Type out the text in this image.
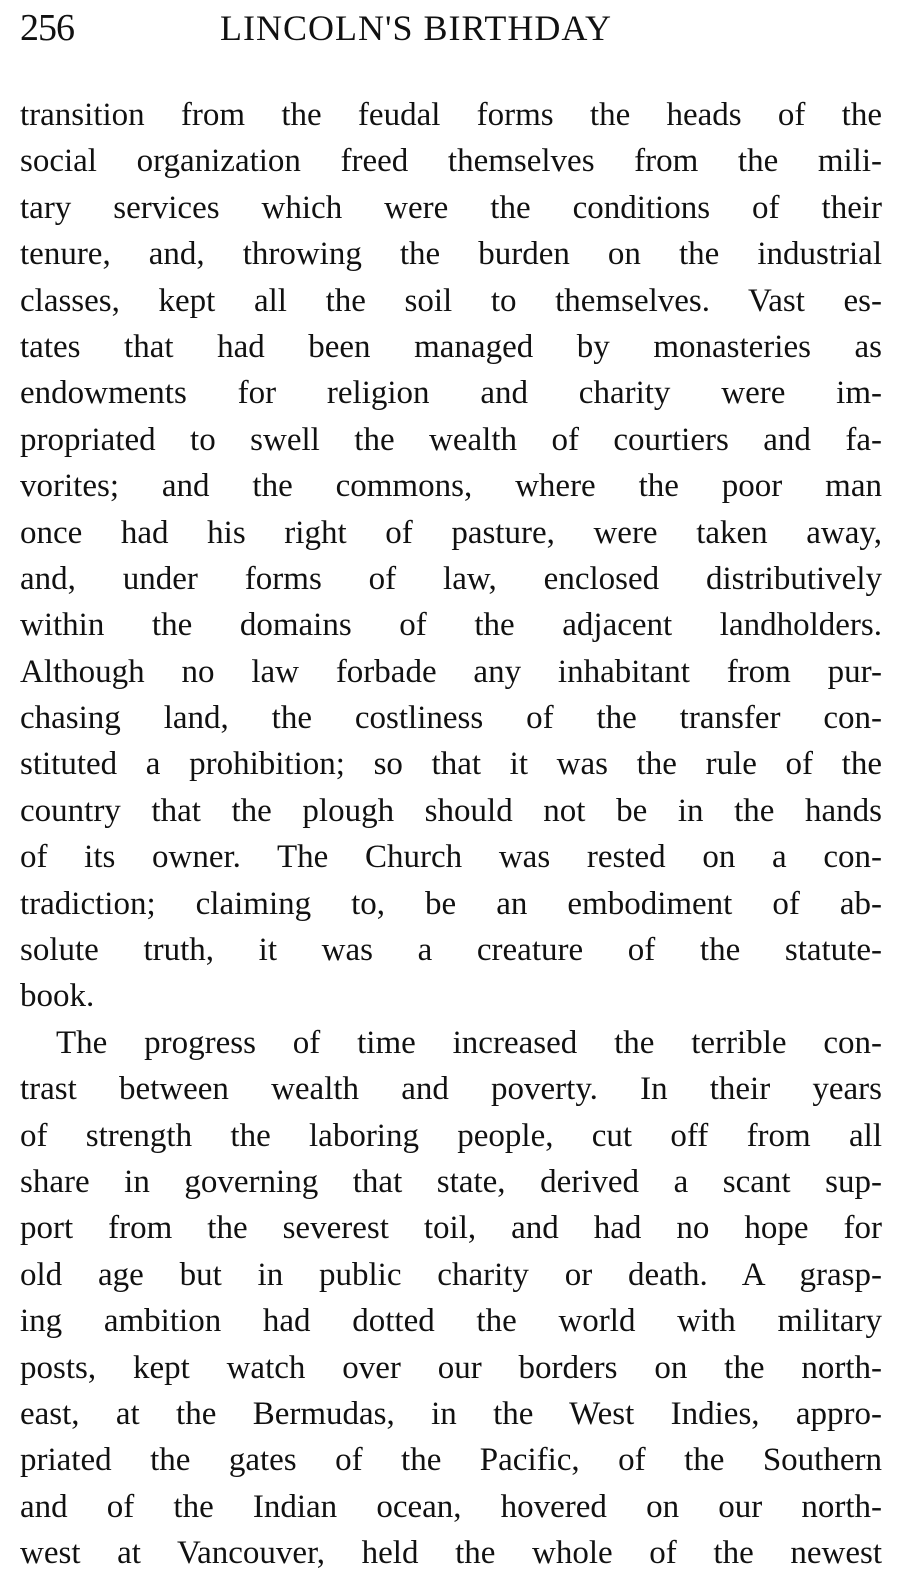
256	LINCOLN'S BIRTHDAY
transition from the feudal forms the heads of the
social organization freed themselves from the mili-
tary services which were the conditions of their
tenure, and, throwing the burden on the industrial
classes, kept all the soil to themselves. Vast es-
tates that had been managed by monasteries as
endowments for religion and charity were im-
propriated to swell the wealth of courtiers and fa-
vorites; and the commons, where the poor man
once had his right of pasture, were taken away,
and, under forms of law, enclosed distributively
within the domains of the adjacent landholders.
Although no law forbade any inhabitant from pur-
chasing land, the costliness of the transfer con-
stituted a prohibition; so that it was the rule of the
country that the plough should not be in the hands
of its owner. The Church was rested on a con-
tradiction; claiming to, be an embodiment of ab-
solute truth, it was a creature of the statute-
book.
The progress of time increased the terrible con-
trast between wealth and poverty. In their years
of strength the laboring people, cut off from all
share in governing that state, derived a scant sup-
port from the severest toil, and had no hope for
old age but in public charity or death. A grasp-
ing ambition had dotted the world with military
posts, kept watch over our borders on the north-
east, at the Bermudas, in the West Indies, appro-
priated the gates of the Pacific, of the Southern
and of the Indian ocean, hovered on our north-
west at Vancouver, held the whole of the newest
